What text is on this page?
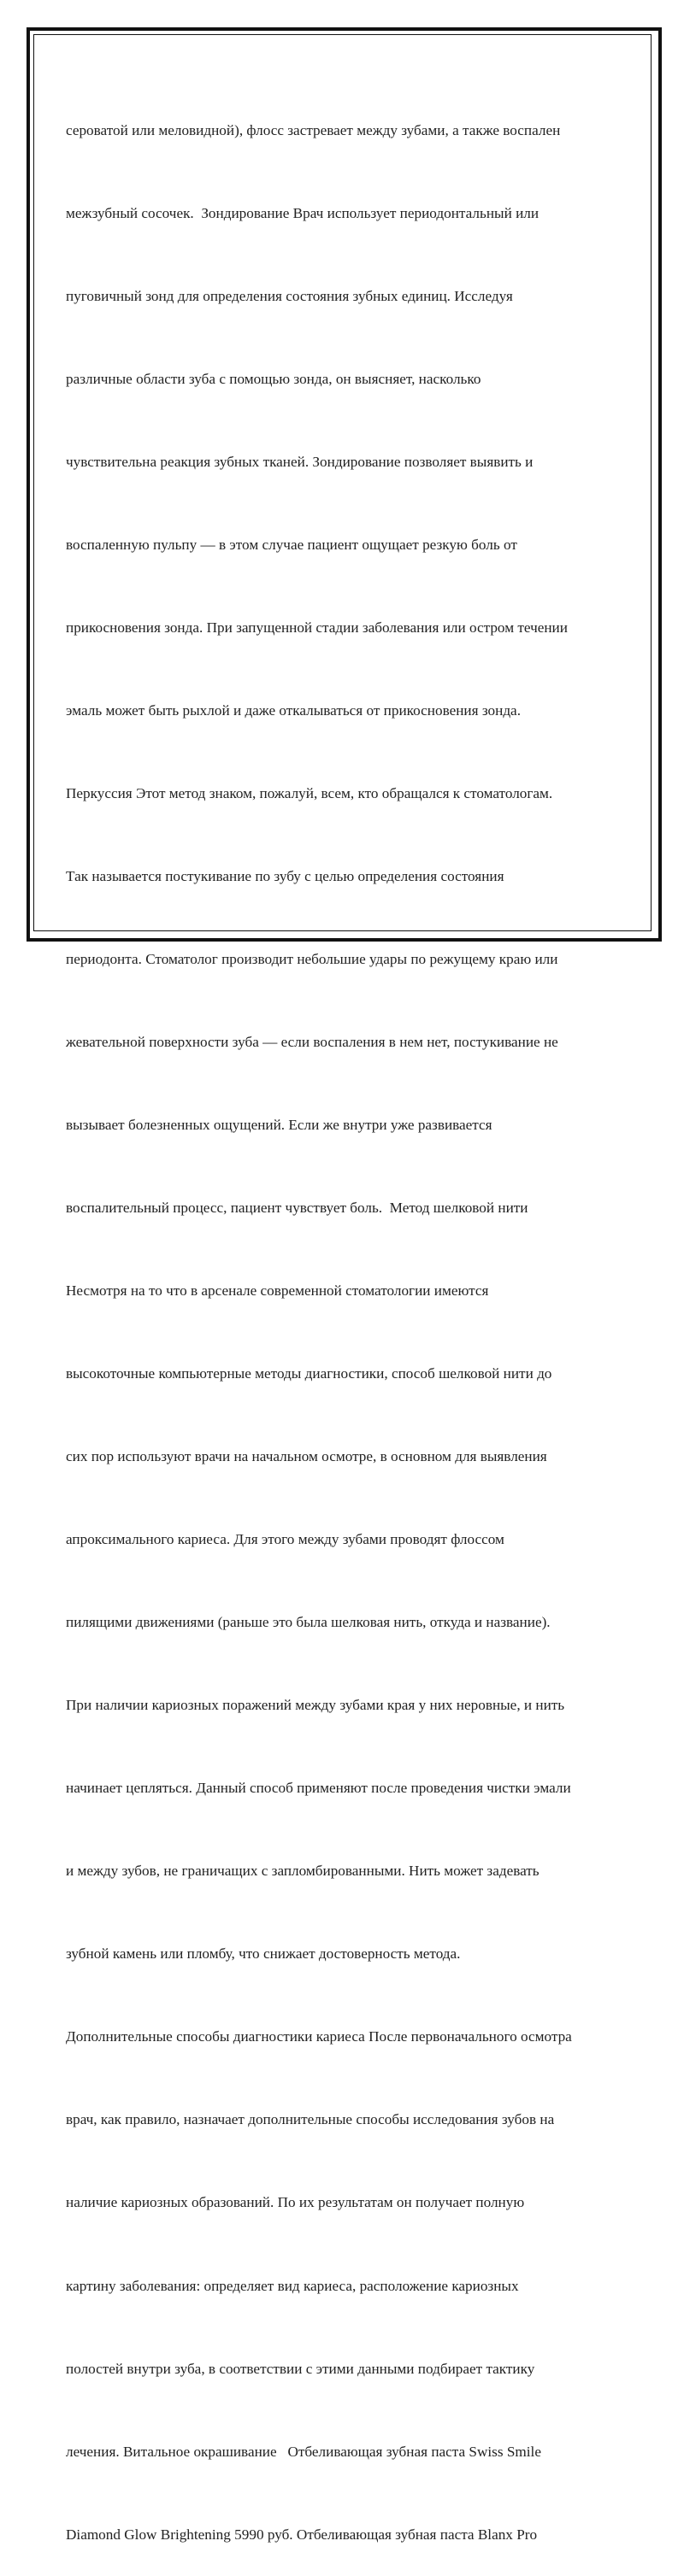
сероватой или меловидной), флосс застревает между зубами, а также воспален

межзубный сосочек.  Зондирование Врач использует периодонтальный или

пуговичный зонд для определения состояния зубных единиц. Исследуя

различные области зуба с помощью зонда, он выясняет, насколько

чувствительна реакция зубных тканей. Зондирование позволяет выявить и

воспаленную пульпу — в этом случае пациент ощущает резкую боль от

прикосновения зонда. При запущенной стадии заболевания или остром течении

эмаль может быть рыхлой и даже откалываться от прикосновения зонда.

Перкуссия Этот метод знаком, пожалуй, всем, кто обращался к стоматологам.

Так называется постукивание по зубу с целью определения состояния

периодонта. Стоматолог производит небольшие удары по режущему краю или

жевательной поверхности зуба — если воспаления в нем нет, постукивание не

вызывает болезненных ощущений. Если же внутри уже развивается

воспалительный процесс, пациент чувствует боль.  Метод шелковой нити

Несмотря на то что в арсенале современной стоматологии имеются

высокоточные компьютерные методы диагностики, способ шелковой нити до

сих пор используют врачи на начальном осмотре, в основном для выявления

апроксимального кариеса. Для этого между зубами проводят флоссом

пилящими движениями (раньше это была шелковая нить, откуда и название).

При наличии кариозных поражений между зубами края у них неровные, и нить

начинает цепляться. Данный способ применяют после проведения чистки эмали

и между зубов, не граничащих с запломбированными. Нить может задевать

зубной камень или пломбу, что снижает достоверность метода.

Дополнительные способы диагностики кариеса После первоначального осмотра

врач, как правило, назначает дополнительные способы исследования зубов на

наличие кариозных образований. По их результатам он получает полную

картину заболевания: определяет вид кариеса, расположение кариозных

полостей внутри зуба, в соответствии с этими данными подбирает тактику

лечения. Витальное окрашивание   Отбеливающая зубная паста Swiss Smile

Diamond Glow Brightening 5990 руб. Отбеливающая зубная паста Blanx Pro
